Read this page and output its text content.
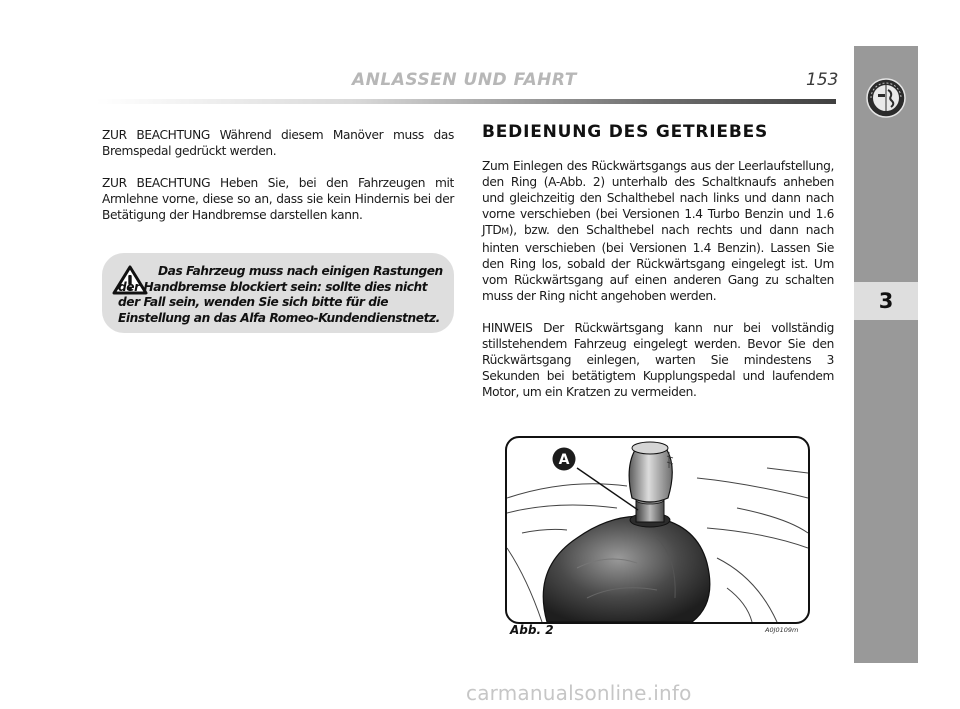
ANLASSEN UND FAHRT	153
3

ZUR BEACHTUNG Während diesem Manöver muss das Bremspedal gedrückt werden.

ZUR BEACHTUNG Heben Sie, bei den Fahrzeugen mit Armlehne vorne, diese so an, dass sie kein Hindernis bei der Betätigung der Handbremse darstellen kann.

Das Fahrzeug muss nach einigen Rastungen der Handbremse blockiert sein: sollte dies nicht der Fall sein, wenden Sie sich bitte für die Einstellung an das Alfa Romeo-Kundendienstnetz.
BEDIENUNG DES GETRIEBES

Zum Einlegen des Rückwärtsgangs aus der Leerlaufstellung, den Ring (A-Abb. 2) unterhalb des Schaltknaufs anheben und gleichzeitig den Schalthebel nach links und dann nach vorne verschieben (bei Versionen 1.4 Turbo Benzin und 1.6 JTDM), bzw. den Schalthebel nach rechts und dann nach hinten verschieben (bei Versionen 1.4 Benzin). Lassen Sie den Ring los, sobald der Rückwärtsgang eingelegt ist. Um vom Rückwärtsgang auf einen anderen Gang zu schalten muss der Ring nicht angehoben werden.

HINWEIS Der Rückwärtsgang kann nur bei vollständig stillstehendem Fahrzeug eingelegt werden. Bevor Sie den Rückwärtsgang einlegen, warten Sie mindestens 3 Sekunden bei betätigtem Kupplungspedal und laufendem Motor, um ein Kratzen zu vermeiden.

A
Abb. 2	A0J0109m
carmanualsonline.info
